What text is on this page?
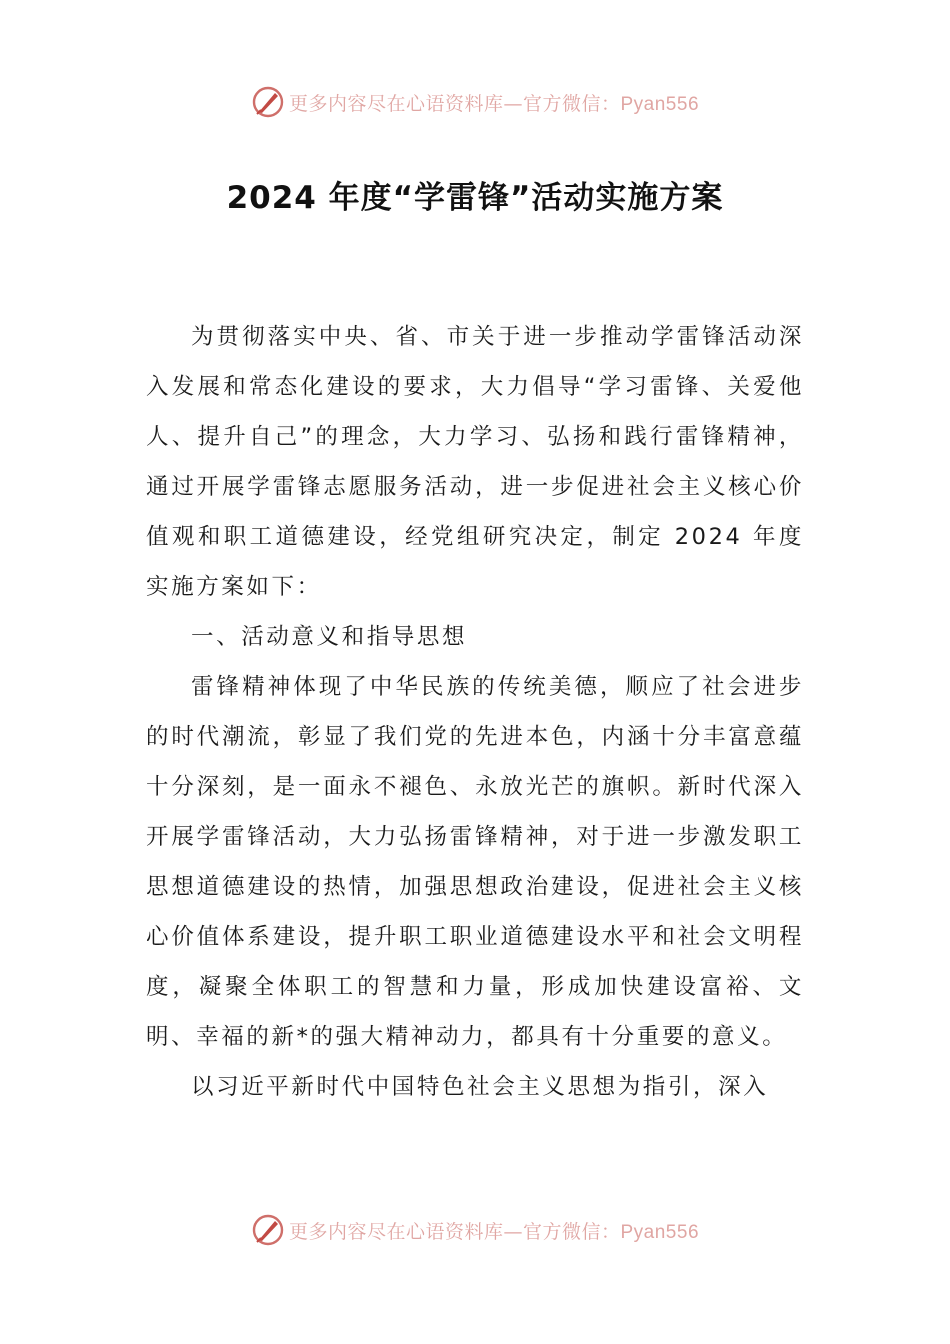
更多内容尽在心语资料库—官方微信：Pyan556
2024 年度“学雷锋”活动实施方案

为贯彻落实中央、省、市关于进一步推动学雷锋活动深入发展和常态化建设的要求，大力倡导“学习雷锋、关爱他人、提升自己”的理念，大力学习、弘扬和践行雷锋精神，通过开展学雷锋志愿服务活动，进一步促进社会主义核心价值观和职工道德建设，经党组研究决定，制定 2024 年度实施方案如下：

一、活动意义和指导思想

雷锋精神体现了中华民族的传统美德，顺应了社会进步的时代潮流，彰显了我们党的先进本色，内涵十分丰富意蕴十分深刻，是一面永不褪色、永放光芒的旗帜。新时代深入开展学雷锋活动，大力弘扬雷锋精神，对于进一步激发职工思想道德建设的热情，加强思想政治建设，促进社会主义核心价值体系建设，提升职工职业道德建设水平和社会文明程度，凝聚全体职工的智慧和力量，形成加快建设富裕、文明、幸福的新*的强大精神动力，都具有十分重要的意义。

以习近平新时代中国特色社会主义思想为指引，深入

更多内容尽在心语资料库—官方微信：Pyan556
